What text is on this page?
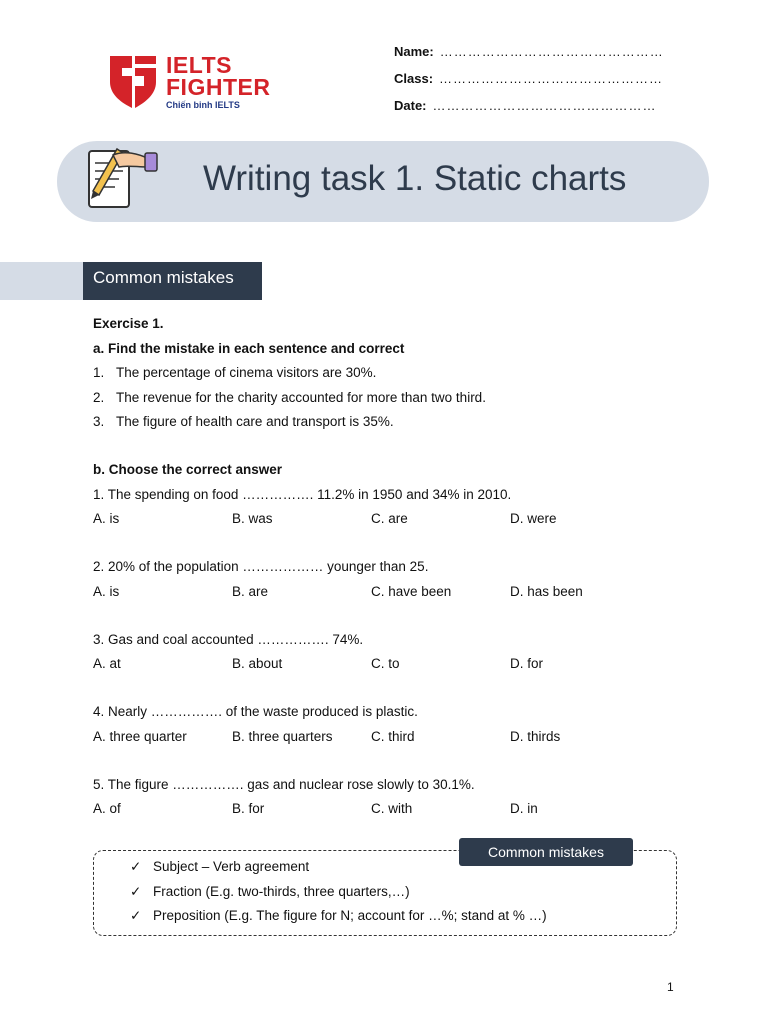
IELTS
FIGHTER
Chiến binh IELTS
Name: …………………………………………
Class: …………………………………………
Date: …………………………………………
Writing task 1. Static charts
Common mistakes
Exercise 1.
a. Find the mistake in each sentence and correct
1. The percentage of cinema visitors are 30%.
2. The revenue for the charity accounted for more than two third.
3. The figure of health care and transport is 35%.
b. Choose the correct answer
1. The spending on food ……………. 11.2% in 1950 and 34% in 2010.
A. is	B. was	C. are	D. were
2. 20% of the population ……………… younger than 25.
A. is	B. are	C. have been	D. has been
3. Gas and coal accounted ……………. 74%.
A. at	B. about	C. to	D. for
4. Nearly ……………. of the waste produced is plastic.
A. three quarter	B. three quarters	C. third	D. thirds
5. The figure ……………. gas and nuclear rose slowly to 30.1%.
A. of	B. for	C. with	D. in
Common mistakes
✓ Subject – Verb agreement
✓ Fraction (E.g. two-thirds, three quarters,…)
✓ Preposition (E.g. The figure for N; account for …%; stand at % …)
1
